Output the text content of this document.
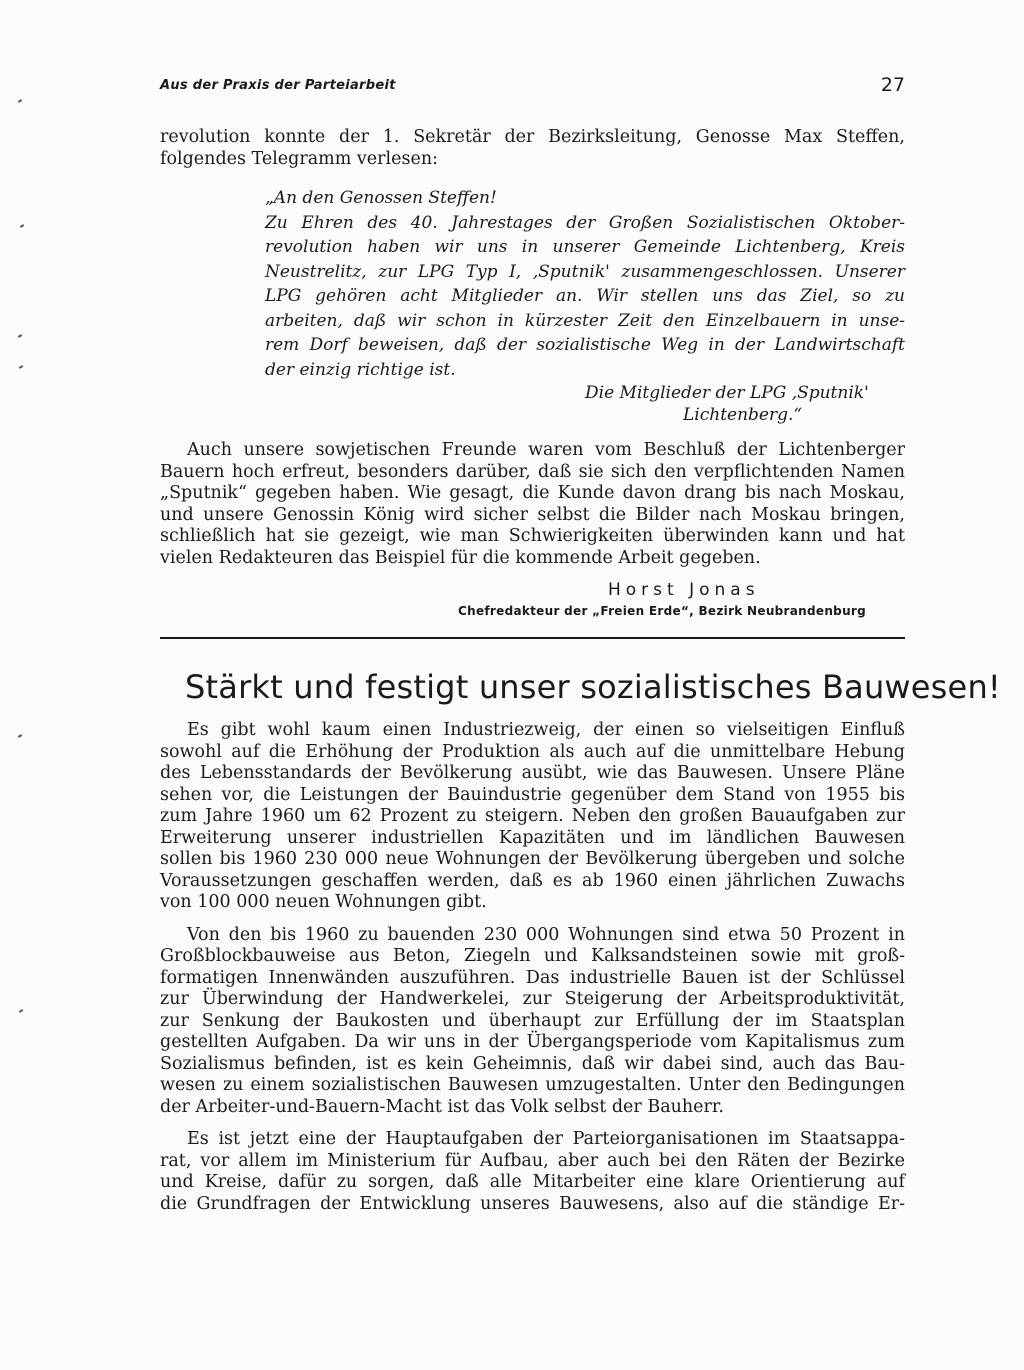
Aus der Praxis der Parteiarbeit	27
revolution konnte der 1. Sekretär der Bezirksleitung, Genosse Max Steffen,
folgendes Telegramm verlesen:
„An den Genossen Steffen!
Zu Ehren des 40. Jahrestages der Großen Sozialistischen Oktober-
revolution haben wir uns in unserer Gemeinde Lichtenberg, Kreis
Neustrelitz, zur LPG Typ I, ‚Sputnik' zusammengeschlossen. Unserer
LPG gehören acht Mitglieder an. Wir stellen uns das Ziel, so zu
arbeiten, daß wir schon in kürzester Zeit den Einzelbauern in unse-
rem Dorf beweisen, daß der sozialistische Weg in der Landwirtschaft
der einzig richtige ist.
Die Mitglieder der LPG ‚Sputnik'
Lichtenberg.“
Auch unsere sowjetischen Freunde waren vom Beschluß der Lichtenberger
Bauern hoch erfreut, besonders darüber, daß sie sich den verpflichtenden Namen
„Sputnik“ gegeben haben. Wie gesagt, die Kunde davon drang bis nach Moskau,
und unsere Genossin König wird sicher selbst die Bilder nach Moskau bringen,
schließlich hat sie gezeigt, wie man Schwierigkeiten überwinden kann und hat
vielen Redakteuren das Beispiel für die kommende Arbeit gegeben.
Horst Jonas
Chefredakteur der „Freien Erde“, Bezirk Neubrandenburg
Stärkt und festigt unser sozialistisches Bauwesen!

Es gibt wohl kaum einen Industriezweig, der einen so vielseitigen Einfluß
sowohl auf die Erhöhung der Produktion als auch auf die unmittelbare Hebung
des Lebensstandards der Bevölkerung ausübt, wie das Bauwesen. Unsere Pläne
sehen vor, die Leistungen der Bauindustrie gegenüber dem Stand von 1955 bis
zum Jahre 1960 um 62 Prozent zu steigern. Neben den großen Bauaufgaben zur
Erweiterung unserer industriellen Kapazitäten und im ländlichen Bauwesen
sollen bis 1960 230 000 neue Wohnungen der Bevölkerung übergeben und solche
Voraussetzungen geschaffen werden, daß es ab 1960 einen jährlichen Zuwachs
von 100 000 neuen Wohnungen gibt.

Von den bis 1960 zu bauenden 230 000 Wohnungen sind etwa 50 Prozent in
Großblockbauweise aus Beton, Ziegeln und Kalksandsteinen sowie mit groß-
formatigen Innenwänden auszuführen. Das industrielle Bauen ist der Schlüssel
zur Überwindung der Handwerkelei, zur Steigerung der Arbeitsproduktivität,
zur Senkung der Baukosten und überhaupt zur Erfüllung der im Staatsplan
gestellten Aufgaben. Da wir uns in der Übergangsperiode vom Kapitalismus zum
Sozialismus befinden, ist es kein Geheimnis, daß wir dabei sind, auch das Bau-
wesen zu einem sozialistischen Bauwesen umzugestalten. Unter den Bedingungen
der Arbeiter-und-Bauern-Macht ist das Volk selbst der Bauherr.

Es ist jetzt eine der Hauptaufgaben der Parteiorganisationen im Staatsappa-
rat, vor allem im Ministerium für Aufbau, aber auch bei den Räten der Bezirke
und Kreise, dafür zu sorgen, daß alle Mitarbeiter eine klare Orientierung auf
die Grundfragen der Entwicklung unseres Bauwesens, also auf die ständige Er-
